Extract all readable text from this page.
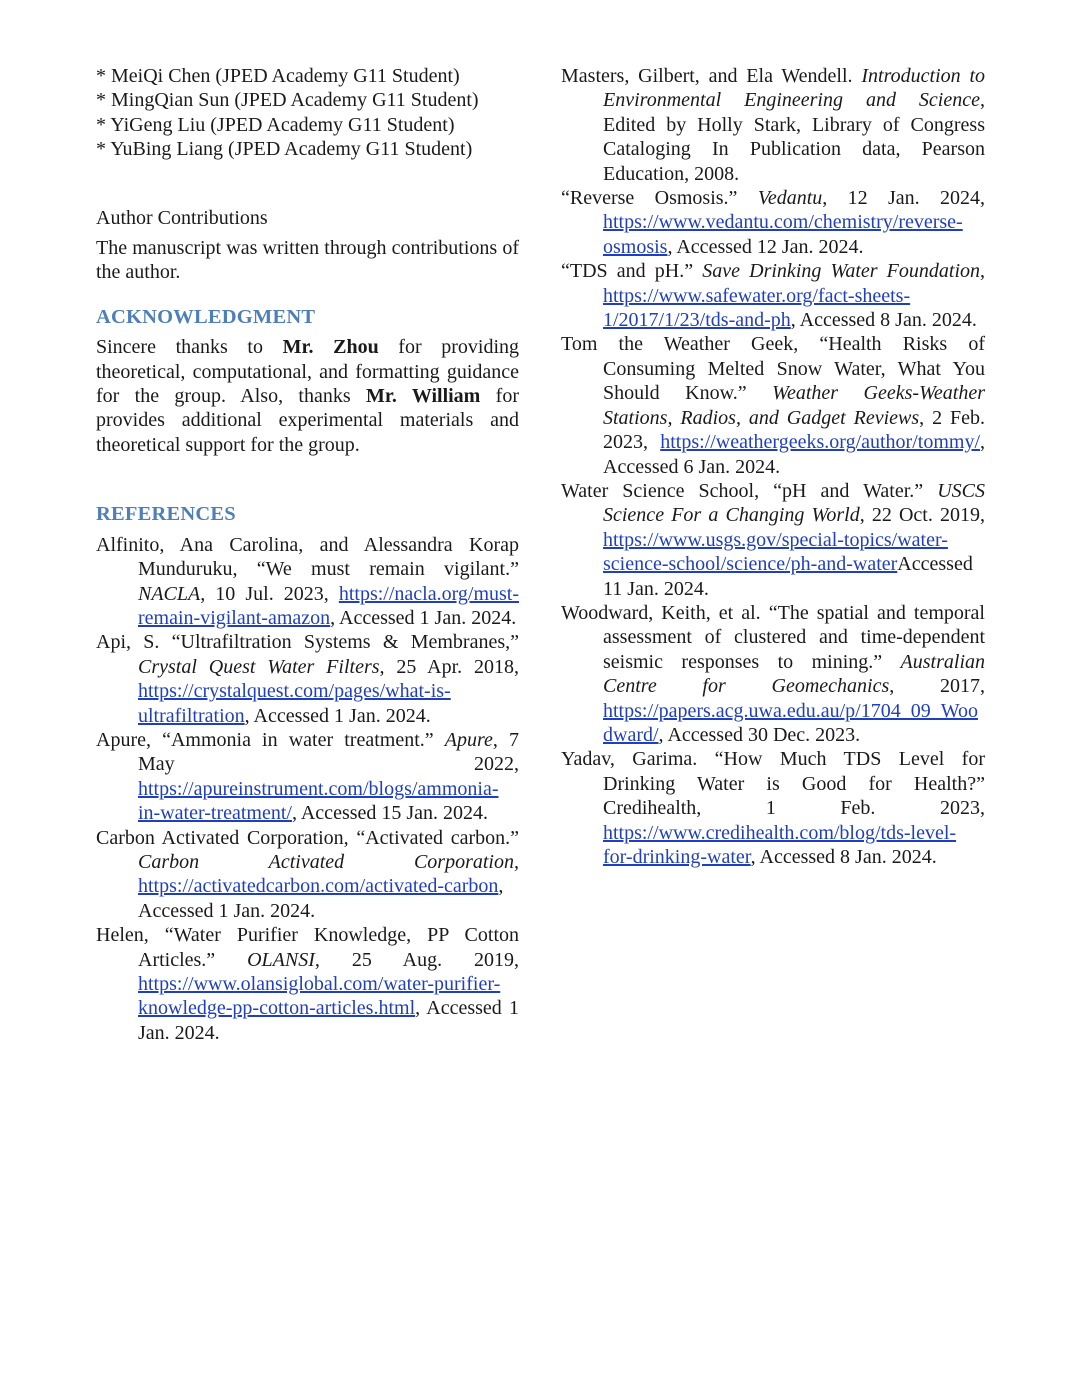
* MeiQi Chen (JPED Academy G11 Student)

* MingQian Sun (JPED Academy G11 Student)

* YiGeng Liu (JPED Academy G11 Student)

* YuBing Liang (JPED Academy G11 Student)

Author Contributions

The manuscript was written through contributions of the author.

ACKNOWLEDGMENT

Sincere thanks to Mr. Zhou for providing theoretical, computational, and formatting guidance for the group. Also, thanks Mr. William for provides additional experimental materials and theoretical support for the group.

REFERENCES

Alfinito, Ana Carolina, and Alessandra Korap Munduruku, “We must remain vigilant.” NACLA, 10 Jul. 2023, https://nacla.org/must-remain-vigilant-amazon, Accessed 1 Jan. 2024.

Api, S. “Ultrafiltration Systems & Membranes,” Crystal Quest Water Filters, 25 Apr. 2018, https://crystalquest.com/pages/what-is-ultrafiltration, Accessed 1 Jan. 2024.

Apure, “Ammonia in water treatment.” Apure, 7 May 2022, https://apureinstrument.com/blogs/ammonia-in-water-treatment/, Accessed 15 Jan. 2024.

Carbon Activated Corporation, “Activated carbon.” Carbon Activated Corporation, https://activatedcarbon.com/activated-carbon, Accessed 1 Jan. 2024.

Helen, “Water Purifier Knowledge, PP Cotton Articles.” OLANSI, 25 Aug. 2019, https://www.olansiglobal.com/water-purifier-knowledge-pp-cotton-articles.html, Accessed 1 Jan. 2024.

Masters, Gilbert, and Ela Wendell. Introduction to Environmental Engineering and Science, Edited by Holly Stark, Library of Congress Cataloging In Publication data, Pearson Education, 2008.

“Reverse Osmosis.” Vedantu, 12 Jan. 2024, https://www.vedantu.com/chemistry/reverse-osmosis, Accessed 12 Jan. 2024.

“TDS and pH.” Save Drinking Water Foundation, https://www.safewater.org/fact-sheets-1/2017/1/23/tds-and-ph, Accessed 8 Jan. 2024.

Tom the Weather Geek, “Health Risks of Consuming Melted Snow Water, What You Should Know.” Weather Geeks-Weather Stations, Radios, and Gadget Reviews, 2 Feb. 2023, https://weathergeeks.org/author/tommy/, Accessed 6 Jan. 2024.

Water Science School, “pH and Water.” USCS Science For a Changing World, 22 Oct. 2019, https://www.usgs.gov/special-topics/water-science-school/science/ph-and-waterAccessed 11 Jan. 2024.

Woodward, Keith, et al. “The spatial and temporal assessment of clustered and time-dependent seismic responses to mining.” Australian Centre for Geomechanics, 2017, https://papers.acg.uwa.edu.au/p/1704_09_Woodward/, Accessed 30 Dec. 2023.

Yadav, Garima. “How Much TDS Level for Drinking Water is Good for Health?” Credihealth, 1 Feb. 2023, https://www.credihealth.com/blog/tds-level-for-drinking-water, Accessed 8 Jan. 2024.
